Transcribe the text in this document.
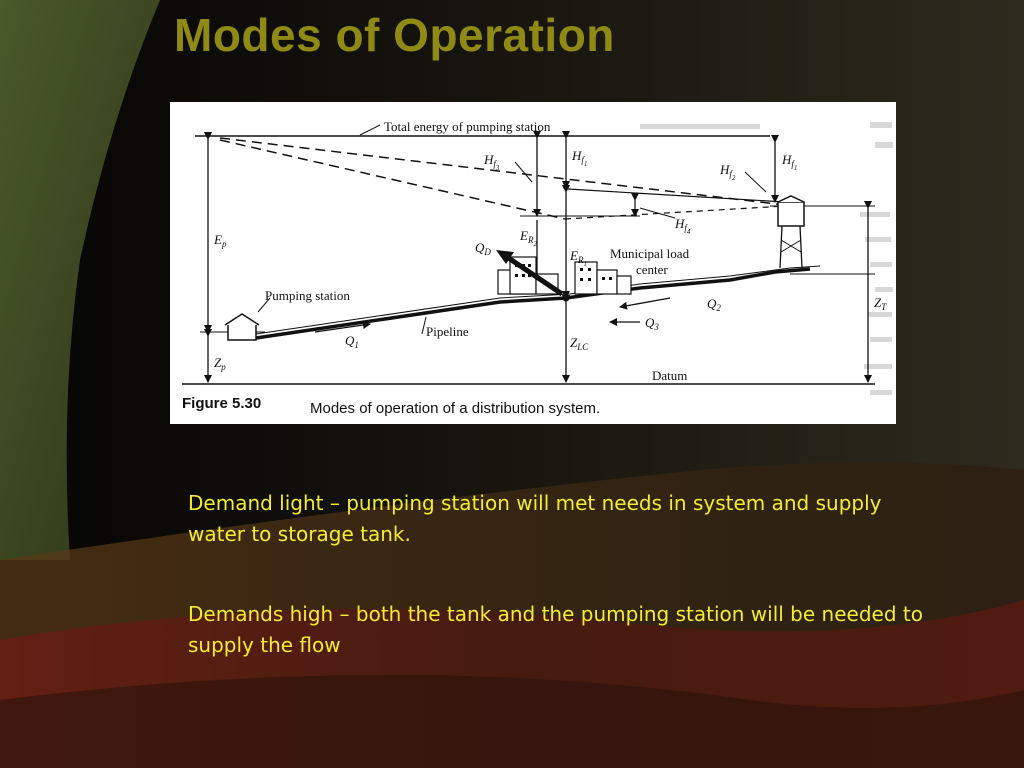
Modes of Operation
Total energy of pumping station
Datum
$E_p$
$Z_p$
$Z_T$
Pumping station
Pipeline
Municipal load
center
$Q_1$
$Q_2$
$Q_3$
$Z_{LC}$
$Q_D$	$E_{R1}$
$E_{R2}$
$H_{f3}$
$H_{f1}$	$H_{f1}$
$H_{f2}$
$H_{f4}$
Figure 5.30	Modes of operation of a distribution system.

Demand light – pumping station will met needs in system and supply water to storage tank.

Demands high – both the tank and the pumping station will be needed to supply the flow
